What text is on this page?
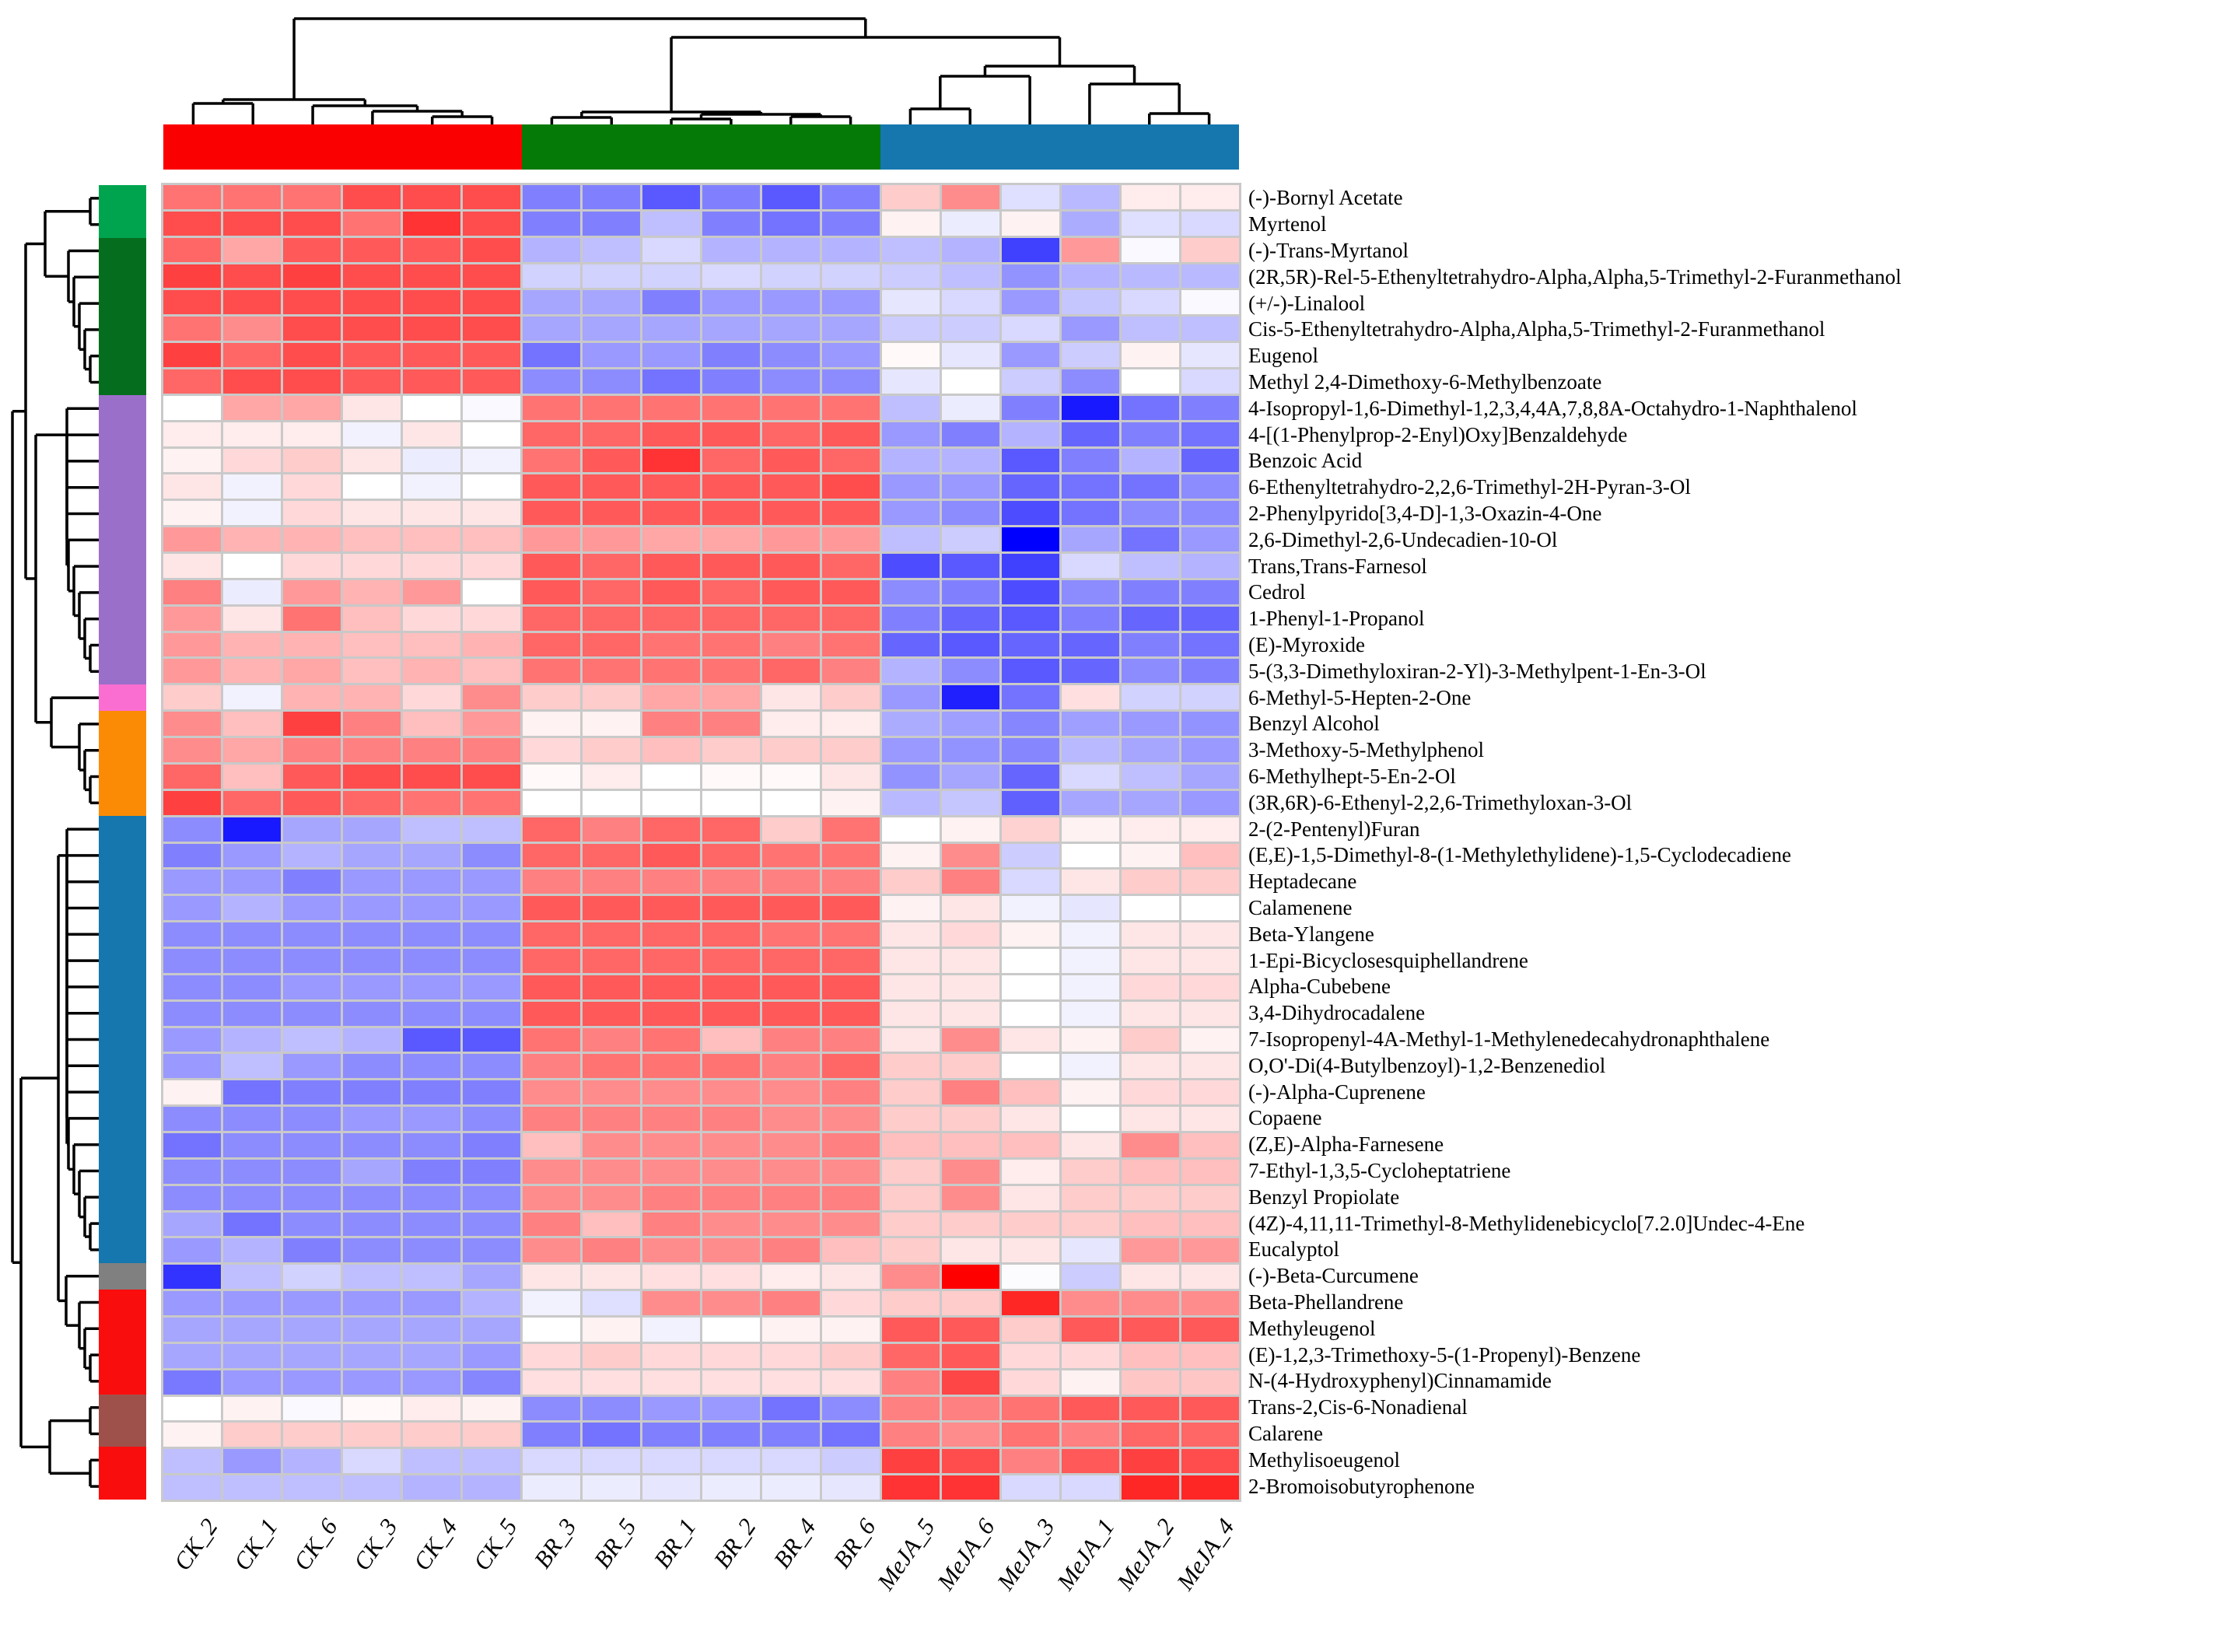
(-)-Bornyl Acetate
Myrtenol
(-)-Trans-Myrtanol
(2R,5R)-Rel-5-Ethenyltetrahydro-Alpha,Alpha,5-Trimethyl-2-Furanmethanol
(+/-)-Linalool
Cis-5-Ethenyltetrahydro-Alpha,Alpha,5-Trimethyl-2-Furanmethanol
Eugenol
Methyl 2,4-Dimethoxy-6-Methylbenzoate
4-Isopropyl-1,6-Dimethyl-1,2,3,4,4A,7,8,8A-Octahydro-1-Naphthalenol
4-[(1-Phenylprop-2-Enyl)Oxy]Benzaldehyde
Benzoic Acid
6-Ethenyltetrahydro-2,2,6-Trimethyl-2H-Pyran-3-Ol
2-Phenylpyrido[3,4-D]-1,3-Oxazin-4-One
2,6-Dimethyl-2,6-Undecadien-10-Ol
Trans,Trans-Farnesol
Cedrol
1-Phenyl-1-Propanol
(E)-Myroxide
5-(3,3-Dimethyloxiran-2-Yl)-3-Methylpent-1-En-3-Ol
6-Methyl-5-Hepten-2-One
Benzyl Alcohol
3-Methoxy-5-Methylphenol
6-Methylhept-5-En-2-Ol
(3R,6R)-6-Ethenyl-2,2,6-Trimethyloxan-3-Ol
2-(2-Pentenyl)Furan
(E,E)-1,5-Dimethyl-8-(1-Methylethylidene)-1,5-Cyclodecadiene
Heptadecane
Calamenene
Beta-Ylangene
1-Epi-Bicyclosesquiphellandrene
Alpha-Cubebene
3,4-Dihydrocadalene
7-Isopropenyl-4A-Methyl-1-Methylenedecahydronaphthalene
O,O'-Di(4-Butylbenzoyl)-1,2-Benzenediol
(-)-Alpha-Cuprenene
Copaene
(Z,E)-Alpha-Farnesene
7-Ethyl-1,3,5-Cycloheptatriene
Benzyl Propiolate
(4Z)-4,11,11-Trimethyl-8-Methylidenebicyclo[7.2.0]Undec-4-Ene
Eucalyptol
(-)-Beta-Curcumene
Beta-Phellandrene
Methyleugenol
(E)-1,2,3-Trimethoxy-5-(1-Propenyl)-Benzene
N-(4-Hydroxyphenyl)Cinnamamide
Trans-2,Cis-6-Nonadienal
Calarene
Methylisoeugenol
2-Bromoisobutyrophenone
CK_2 CK_1 CK_6 CK_3 CK_4 CK_5 BR_3 BR_5 BR_1 BR_2 BR_4 BR_6
MeJA_5
MeJA_6
MeJA_3
MeJA_1
MeJA_2
MeJA_4
